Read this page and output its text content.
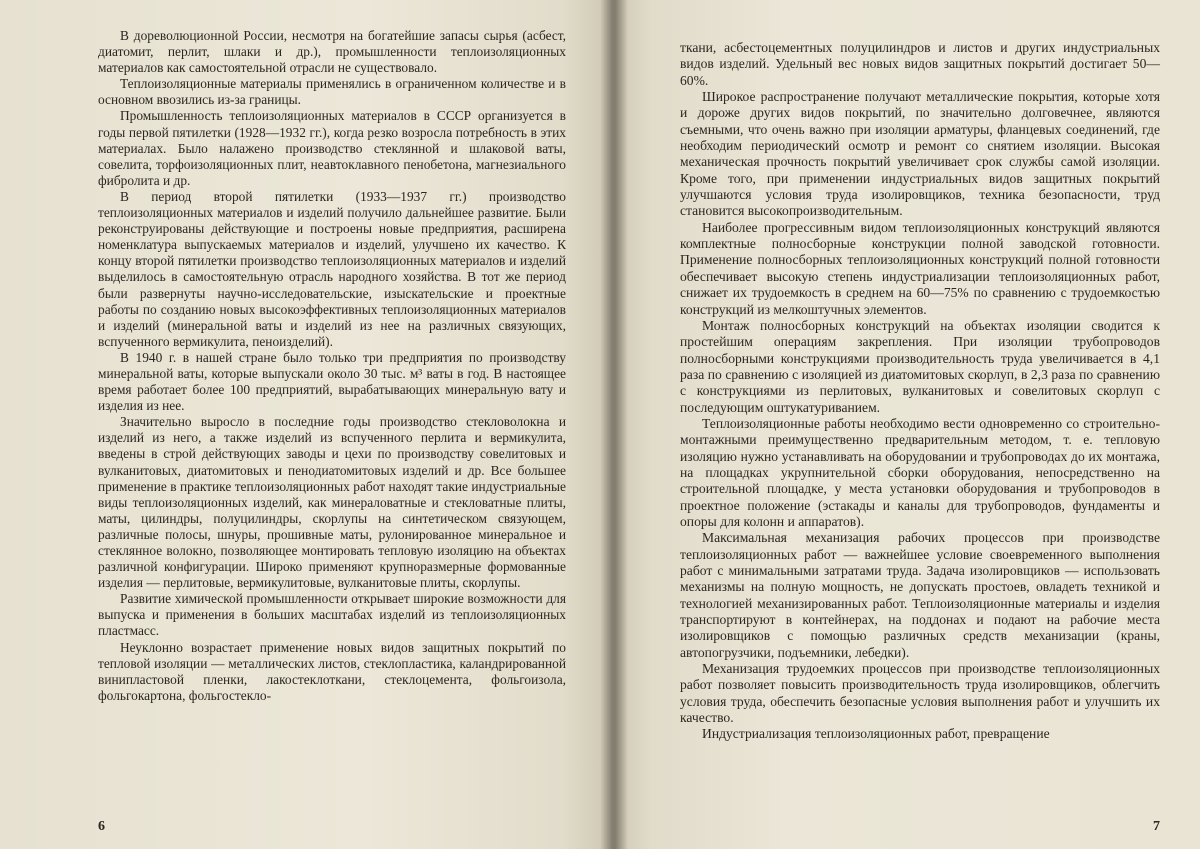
В дореволюционной России, несмотря на богатейшие запасы сырья (асбест, диатомит, перлит, шлаки и др.), промышленности теплоизоляционных материалов как самостоятельной отрасли не существовало.

Теплоизоляционные материалы применялись в ограниченном количестве и в основном ввозились из-за границы.

Промышленность теплоизоляционных материалов в СССР организуется в годы первой пятилетки (1928—1932 гг.), когда резко возросла потребность в этих материалах. Было налажено производство стеклянной и шлаковой ваты, совелита, торфоизоляционных плит, неавтоклавного пенобетона, магнезиального фибролита и др.

В период второй пятилетки (1933—1937 гг.) производство теплоизоляционных материалов и изделий получило дальнейшее развитие. Были реконструированы действующие и построены новые предприятия, расширена номенклатура выпускаемых материалов и изделий, улучшено их качество. К концу второй пятилетки производство теплоизоляционных материалов и изделий выделилось в самостоятельную отрасль народного хозяйства. В тот же период были развернуты научно-исследовательские, изыскательские и проектные работы по созданию новых высокоэффективных теплоизоляционных материалов и изделий (минеральной ваты и изделий из нее на различных связующих, вспученного вермикулита, пеноизделий).

В 1940 г. в нашей стране было только три предприятия по производству минеральной ваты, которые выпускали около 30 тыс. м³ ваты в год. В настоящее время работает более 100 предприятий, вырабатывающих минеральную вату и изделия из нее.

Значительно выросло в последние годы производство стекловолокна и изделий из него, а также изделий из вспученного перлита и вермикулита, введены в строй действующих заводы и цехи по производству совелитовых и вулканитовых, диатомитовых и пенодиатомитовых изделий и др. Все большее применение в практике теплоизоляционных работ находят такие индустриальные виды теплоизоляционных изделий, как минераловатные и стекловатные плиты, маты, цилиндры, полуцилиндры, скорлупы на синтетическом связующем, различные полосы, шнуры, прошивные маты, рулонированное минеральное и стеклянное волокно, позволяющее монтировать тепловую изоляцию на объектах различной конфигурации. Широко применяют крупноразмерные формованные изделия — перлитовые, вермикулитовые, вулканитовые плиты, скорлупы.

Развитие химической промышленности открывает широкие возможности для выпуска и применения в больших масштабах изделий из теплоизоляционных пластмасс.

Неуклонно возрастает применение новых видов защитных покрытий по тепловой изоляции — металлических листов, стеклопластика, каландрированной винипластовой пленки, лакостеклоткани, стеклоцемента, фольгоизола, фольгокартона, фольгостекло-

6

ткани, асбестоцементных полуцилиндров и листов и других индустриальных видов изделий. Удельный вес новых видов защитных покрытий достигает 50—60%.

Широкое распространение получают металлические покрытия, которые хотя и дороже других видов покрытий, по значительно долговечнее, являются съемными, что очень важно при изоляции арматуры, фланцевых соединений, где необходим периодический осмотр и ремонт со снятием изоляции. Высокая механическая прочность покрытий увеличивает срок службы самой изоляции. Кроме того, при применении индустриальных видов защитных покрытий улучшаются условия труда изолировщиков, техника безопасности, труд становится высокопроизводительным.

Наиболее прогрессивным видом теплоизоляционных конструкций являются комплектные полносборные конструкции полной заводской готовности. Применение полносборных теплоизоляционных конструкций полной готовности обеспечивает высокую степень индустриализации теплоизоляционных работ, снижает их трудоемкость в среднем на 60—75% по сравнению с трудоемкостью конструкций из мелкоштучных элементов.

Монтаж полносборных конструкций на объектах изоляции сводится к простейшим операциям закрепления. При изоляции трубопроводов полносборными конструкциями производительность труда увеличивается в 4,1 раза по сравнению с изоляцией из диатомитовых скорлуп, в 2,3 раза по сравнению с конструкциями из перлитовых, вулканитовых и совелитовых скорлуп с последующим оштукатуриванием.

Теплоизоляционные работы необходимо вести одновременно со строительно-монтажными преимущественно предварительным методом, т. е. тепловую изоляцию нужно устанавливать на оборудовании и трубопроводах до их монтажа, на площадках укрупнительной сборки оборудования, непосредственно на строительной площадке, у места установки оборудования и трубопроводов в проектное положение (эстакады и каналы для трубопроводов, фундаменты и опоры для колонн и аппаратов).

Максимальная механизация рабочих процессов при производстве теплоизоляционных работ — важнейшее условие своевременного выполнения работ с минимальными затратами труда. Задача изолировщиков — использовать механизмы на полную мощность, не допускать простоев, овладеть техникой и технологией механизированных работ. Теплоизоляционные материалы и изделия транспортируют в контейнерах, на поддонах и подают на рабочие места изолировщиков с помощью различных средств механизации (краны, автопогрузчики, подъемники, лебедки).

Механизация трудоемких процессов при производстве теплоизоляционных работ позволяет повысить производительность труда изолировщиков, облегчить условия труда, обеспечить безопасные условия выполнения работ и улучшить их качество.

Индустриализация теплоизоляционных работ, превращение

7
